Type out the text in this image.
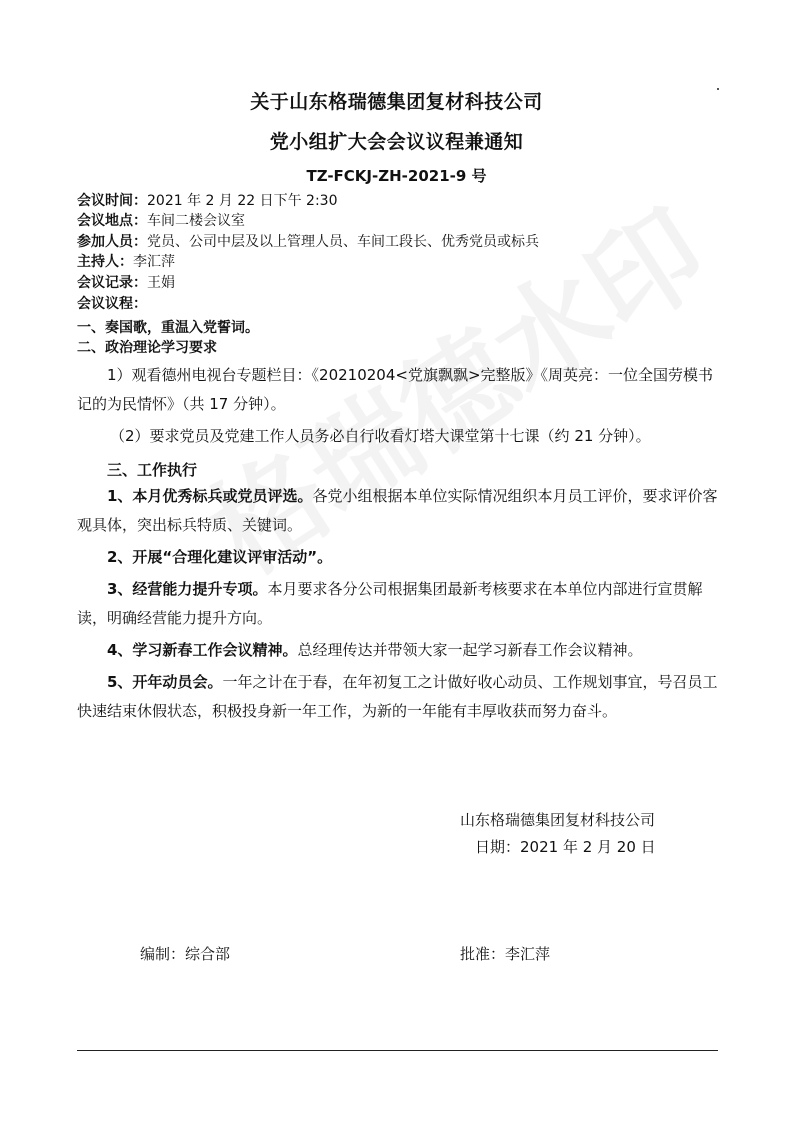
关于山东格瑞德集团复材科技公司
党小组扩大会会议议程兼通知
TZ-FCKJ-ZH-2021-9 号
会议时间：2021 年 2 月 22 日下午 2:30
会议地点：车间二楼会议室
参加人员：党员、公司中层及以上管理人员、车间工段长、优秀党员或标兵
主持人：李汇萍
会议记录：王娟
会议议程：
一、奏国歌，重温入党誓词。
二、政治理论学习要求
1）观看德州电视台专题栏目：《20210204<党旗飘飘>完整版》《周英亮：一位全国劳模书记的为民情怀》（共 17 分钟）。
（2）要求党员及党建工作人员务必自行收看灯塔大课堂第十七课（约 21 分钟）。
三、工作执行
1、本月优秀标兵或党员评选。各党小组根据本单位实际情况组织本月员工评价，要求评价客观具体，突出标兵特质、关键词。
2、开展“合理化建议评审活动”。
3、经营能力提升专项。本月要求各分公司根据集团最新考核要求在本单位内部进行宣贯解读，明确经营能力提升方向。
4、学习新春工作会议精神。总经理传达并带领大家一起学习新春工作会议精神。
5、开年动员会。一年之计在于春，在年初复工之计做好收心动员、工作规划事宜，号召员工快速结束休假状态，积极投身新一年工作，为新的一年能有丰厚收获而努力奋斗。
山东格瑞德集团复材科技公司
日期：2021 年 2 月 20 日
编制：综合部	批准：李汇萍
